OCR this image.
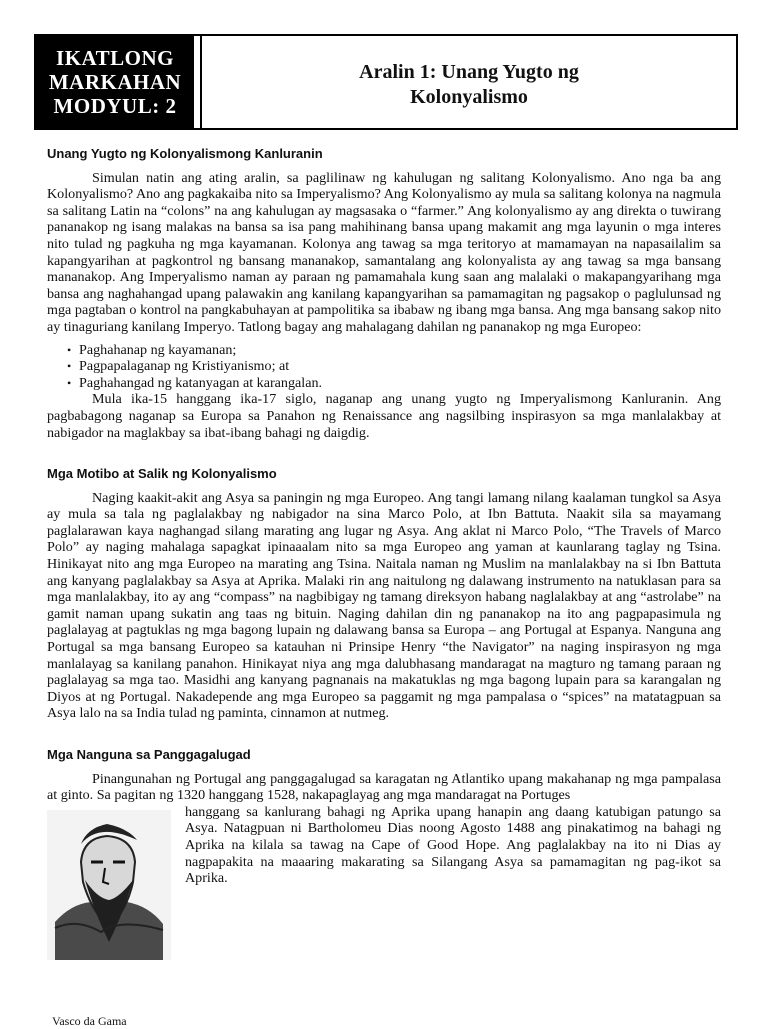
IKATLONG
MARKAHAN
MODYUL: 2
Aralin 1: Unang Yugto ng
Kolonyalismo
Unang Yugto ng Kolonyalismong Kanluranin

Simulan natin ang ating aralin, sa paglilinaw ng kahulugan ng salitang Kolonyalismo. Ano nga ba ang Kolonyalismo? Ano ang pagkakaiba nito sa Imperyalismo? Ang Kolonyalismo ay mula sa salitang kolonya na nagmula sa salitang Latin na “colons” na ang kahulugan ay magsasaka o “farmer.” Ang kolonyalismo ay ang direkta o tuwirang pananakop ng isang malakas na bansa sa isa pang mahihinang bansa upang makamit ang mga layunin o mga interes nito tulad ng pagkuha ng mga kayamanan. Kolonya ang tawag sa mga teritoryo at mamamayan na napasailalim sa kapangyarihan at pagkontrol ng bansang mananakop, samantalang ang kolonyalista ay ang tawag sa mga bansang mananakop. Ang Imperyalismo naman ay paraan ng pamamahala kung saan ang malalaki o makapangyarihang mga bansa ang naghahangad upang palawakin ang kanilang kapangyarihan sa pamamagitan ng pagsakop o paglulunsad ng mga pagtaban o kontrol na pangkabuhayan at pampolitika sa ibabaw ng ibang mga bansa. Ang mga bansang sakop nito ay tinaguriang kanilang Imperyo. Tatlong bagay ang mahalagang dahilan ng pananakop ng mga Europeo:

• Paghahanap ng kayamanan;
• Pagpapalaganap ng Kristiyanismo; at
• Paghahangad ng katanyagan at karangalan.

Mula ika-15 hanggang ika-17 siglo, naganap ang unang yugto ng Imperyalismong Kanluranin. Ang pagbabagong naganap sa Europa sa Panahon ng Renaissance ang nagsilbing inspirasyon sa mga manlalakbay at nabigador na maglakbay sa ibat-ibang bahagi ng daigdig.

Mga Motibo at Salik ng Kolonyalismo

Naging kaakit-akit ang Asya sa paningin ng mga Europeo. Ang tangi lamang nilang kaalaman tungkol sa Asya ay mula sa tala ng paglalakbay ng nabigador na sina Marco Polo, at Ibn Battuta. Naakit sila sa mayamang paglalarawan kaya naghangad silang marating ang lugar ng Asya. Ang aklat ni Marco Polo, “The Travels of Marco Polo” ay naging mahalaga sapagkat ipinaaalam nito sa mga Europeo ang yaman at kaunlarang taglay ng Tsina. Hinikayat nito ang mga Europeo na marating ang Tsina. Naitala naman ng Muslim na manlalakbay na si Ibn Battuta ang kanyang paglalakbay sa Asya at Aprika. Malaki rin ang naitulong ng dalawang instrumento na natuklasan para sa mga manlalakbay, ito ay ang “compass” na nagbibigay ng tamang direksyon habang naglalakbay at ang “astrolabe” na gamit naman upang sukatin ang taas ng bituin. Naging dahilan din ng pananakop na ito ang pagpapasimula ng paglalayag at pagtuklas ng mga bagong lupain ng dalawang bansa sa Europa – ang Portugal at Espanya. Nanguna ang Portugal sa mga bansang Europeo sa katauhan ni Prinsipe Henry “the Navigator” na naging inspirasyon ng mga manlalayag sa kanilang panahon. Hinikayat niya ang mga dalubhasang mandaragat na magturo ng tamang paraan ng paglalayag sa mga tao. Masidhi ang kanyang pagnanais na makatuklas ng mga bagong lupain para sa karangalan ng Diyos at ng Portugal. Nakadepende ang mga Europeo sa paggamit ng mga pampalasa o “spices” na matatagpuan sa Asya lalo na sa India tulad ng paminta, cinnamon at nutmeg.

Mga Nanguna sa Panggagalugad

Pinangunahan ng Portugal ang panggagalugad sa karagatan ng Atlantiko upang makahanap ng mga pampalasa at ginto. Sa pagitan ng 1320 hanggang 1528, nakapaglayag ang mga mandaragat na Portuges

hanggang sa kanlurang bahagi ng Aprika upang hanapin ang daang katubigan patungo sa Asya. Natagpuan ni Bartholomeu Dias noong Agosto 1488 ang pinakatimog na bahagi ng Aprika na kilala sa tawag na Cape of Good Hope. Ang paglalakbay na ito ni Dias ay nagpapakita na maaaring makarating sa Silangang Asya sa pamamagitan ng pag-ikot sa Aprika.

Vasco da Gama
